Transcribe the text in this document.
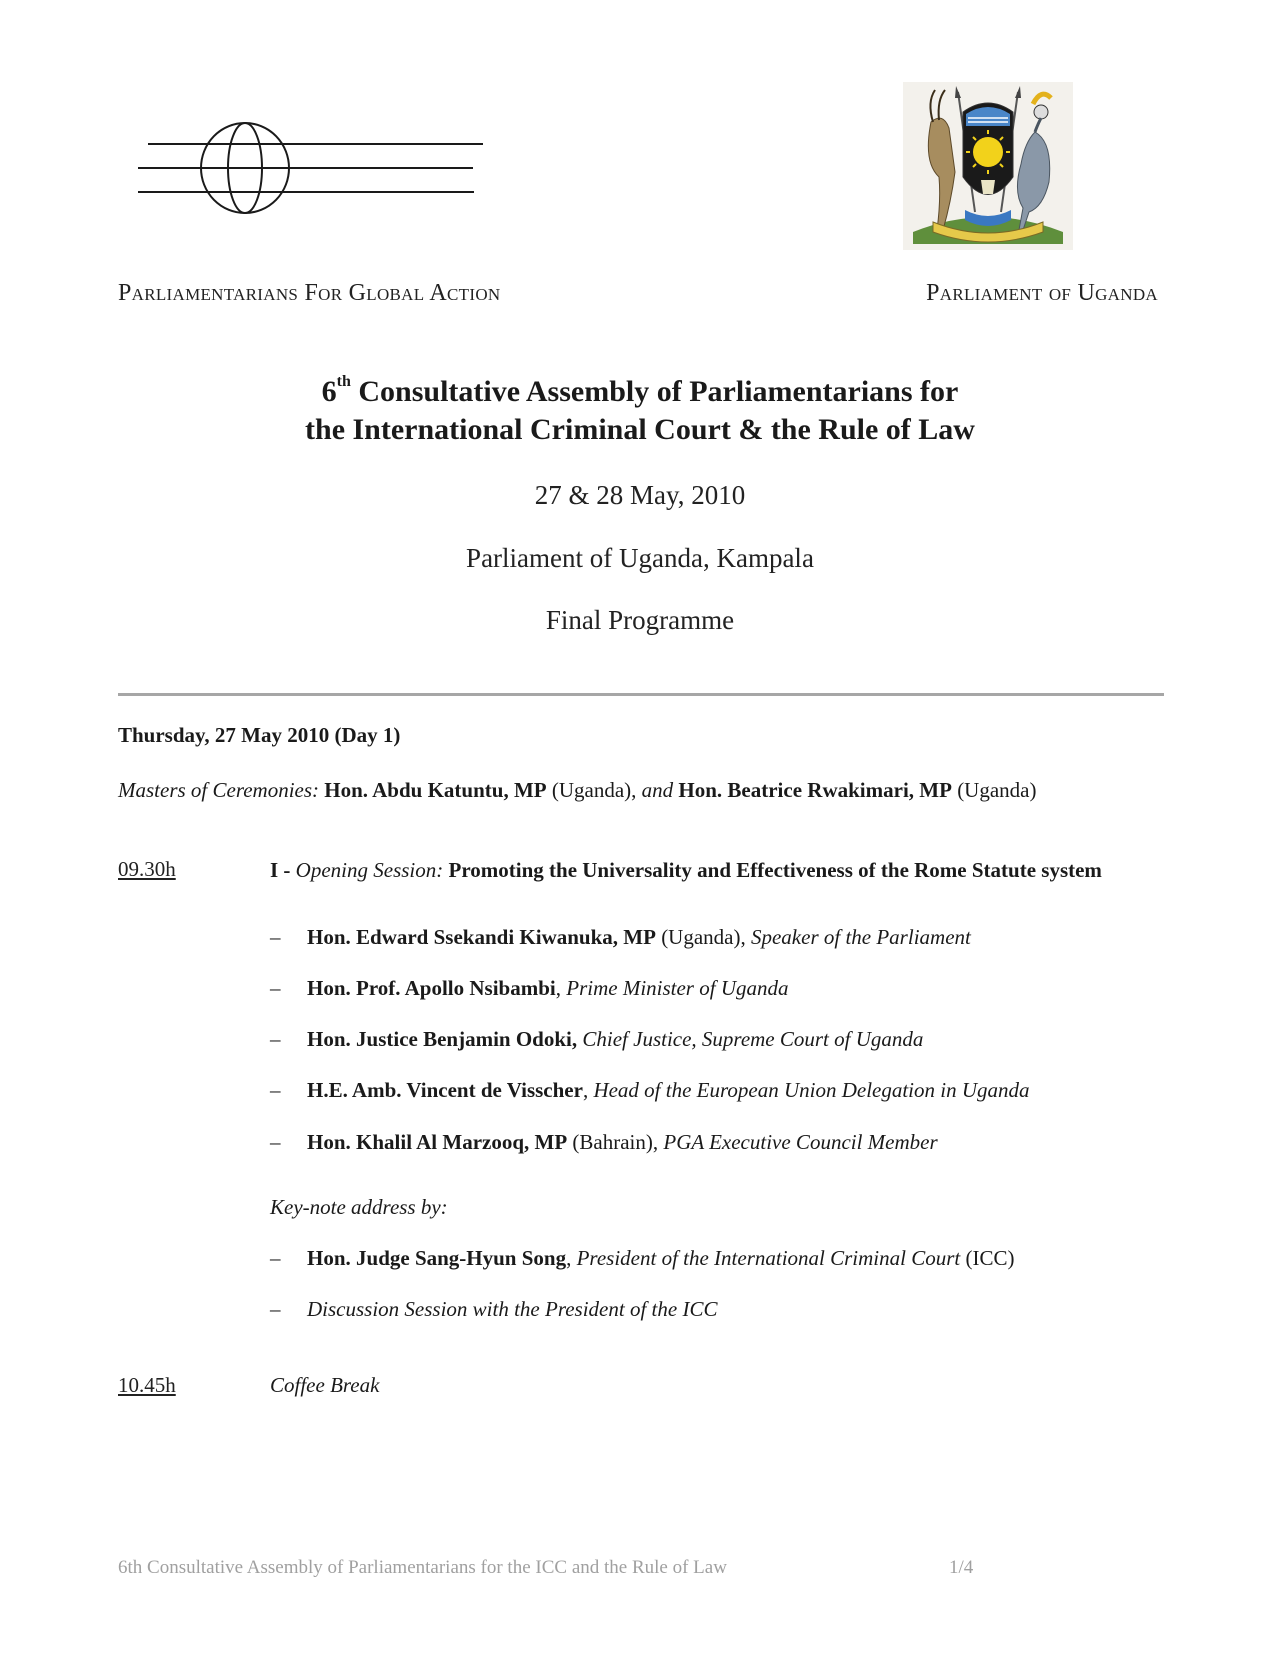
Parliamentarians For Global Action	Parliament of Uganda
6th Consultative Assembly of Parliamentarians for
the International Criminal Court & the Rule of Law
27 & 28 May, 2010
Parliament of Uganda, Kampala
Final Programme
Thursday, 27 May 2010 (Day 1)
Masters of Ceremonies: Hon. Abdu Katuntu, MP (Uganda), and Hon. Beatrice Rwakimari, MP (Uganda)
09.30h	I - Opening Session: Promoting the Universality and Effectiveness of the Rome Statute system
– Hon. Edward Ssekandi Kiwanuka, MP (Uganda), Speaker of the Parliament
– Hon. Prof. Apollo Nsibambi, Prime Minister of Uganda
– Hon. Justice Benjamin Odoki, Chief Justice, Supreme Court of Uganda
– H.E. Amb. Vincent de Visscher, Head of the European Union Delegation in Uganda
– Hon. Khalil Al Marzooq, MP (Bahrain), PGA Executive Council Member
Key-note address by:
– Hon. Judge Sang-Hyun Song, President of the International Criminal Court (ICC)
– Discussion Session with the President of the ICC
10.45h	Coffee Break
6th Consultative Assembly of Parliamentarians for the ICC and the Rule of Law	1/4
